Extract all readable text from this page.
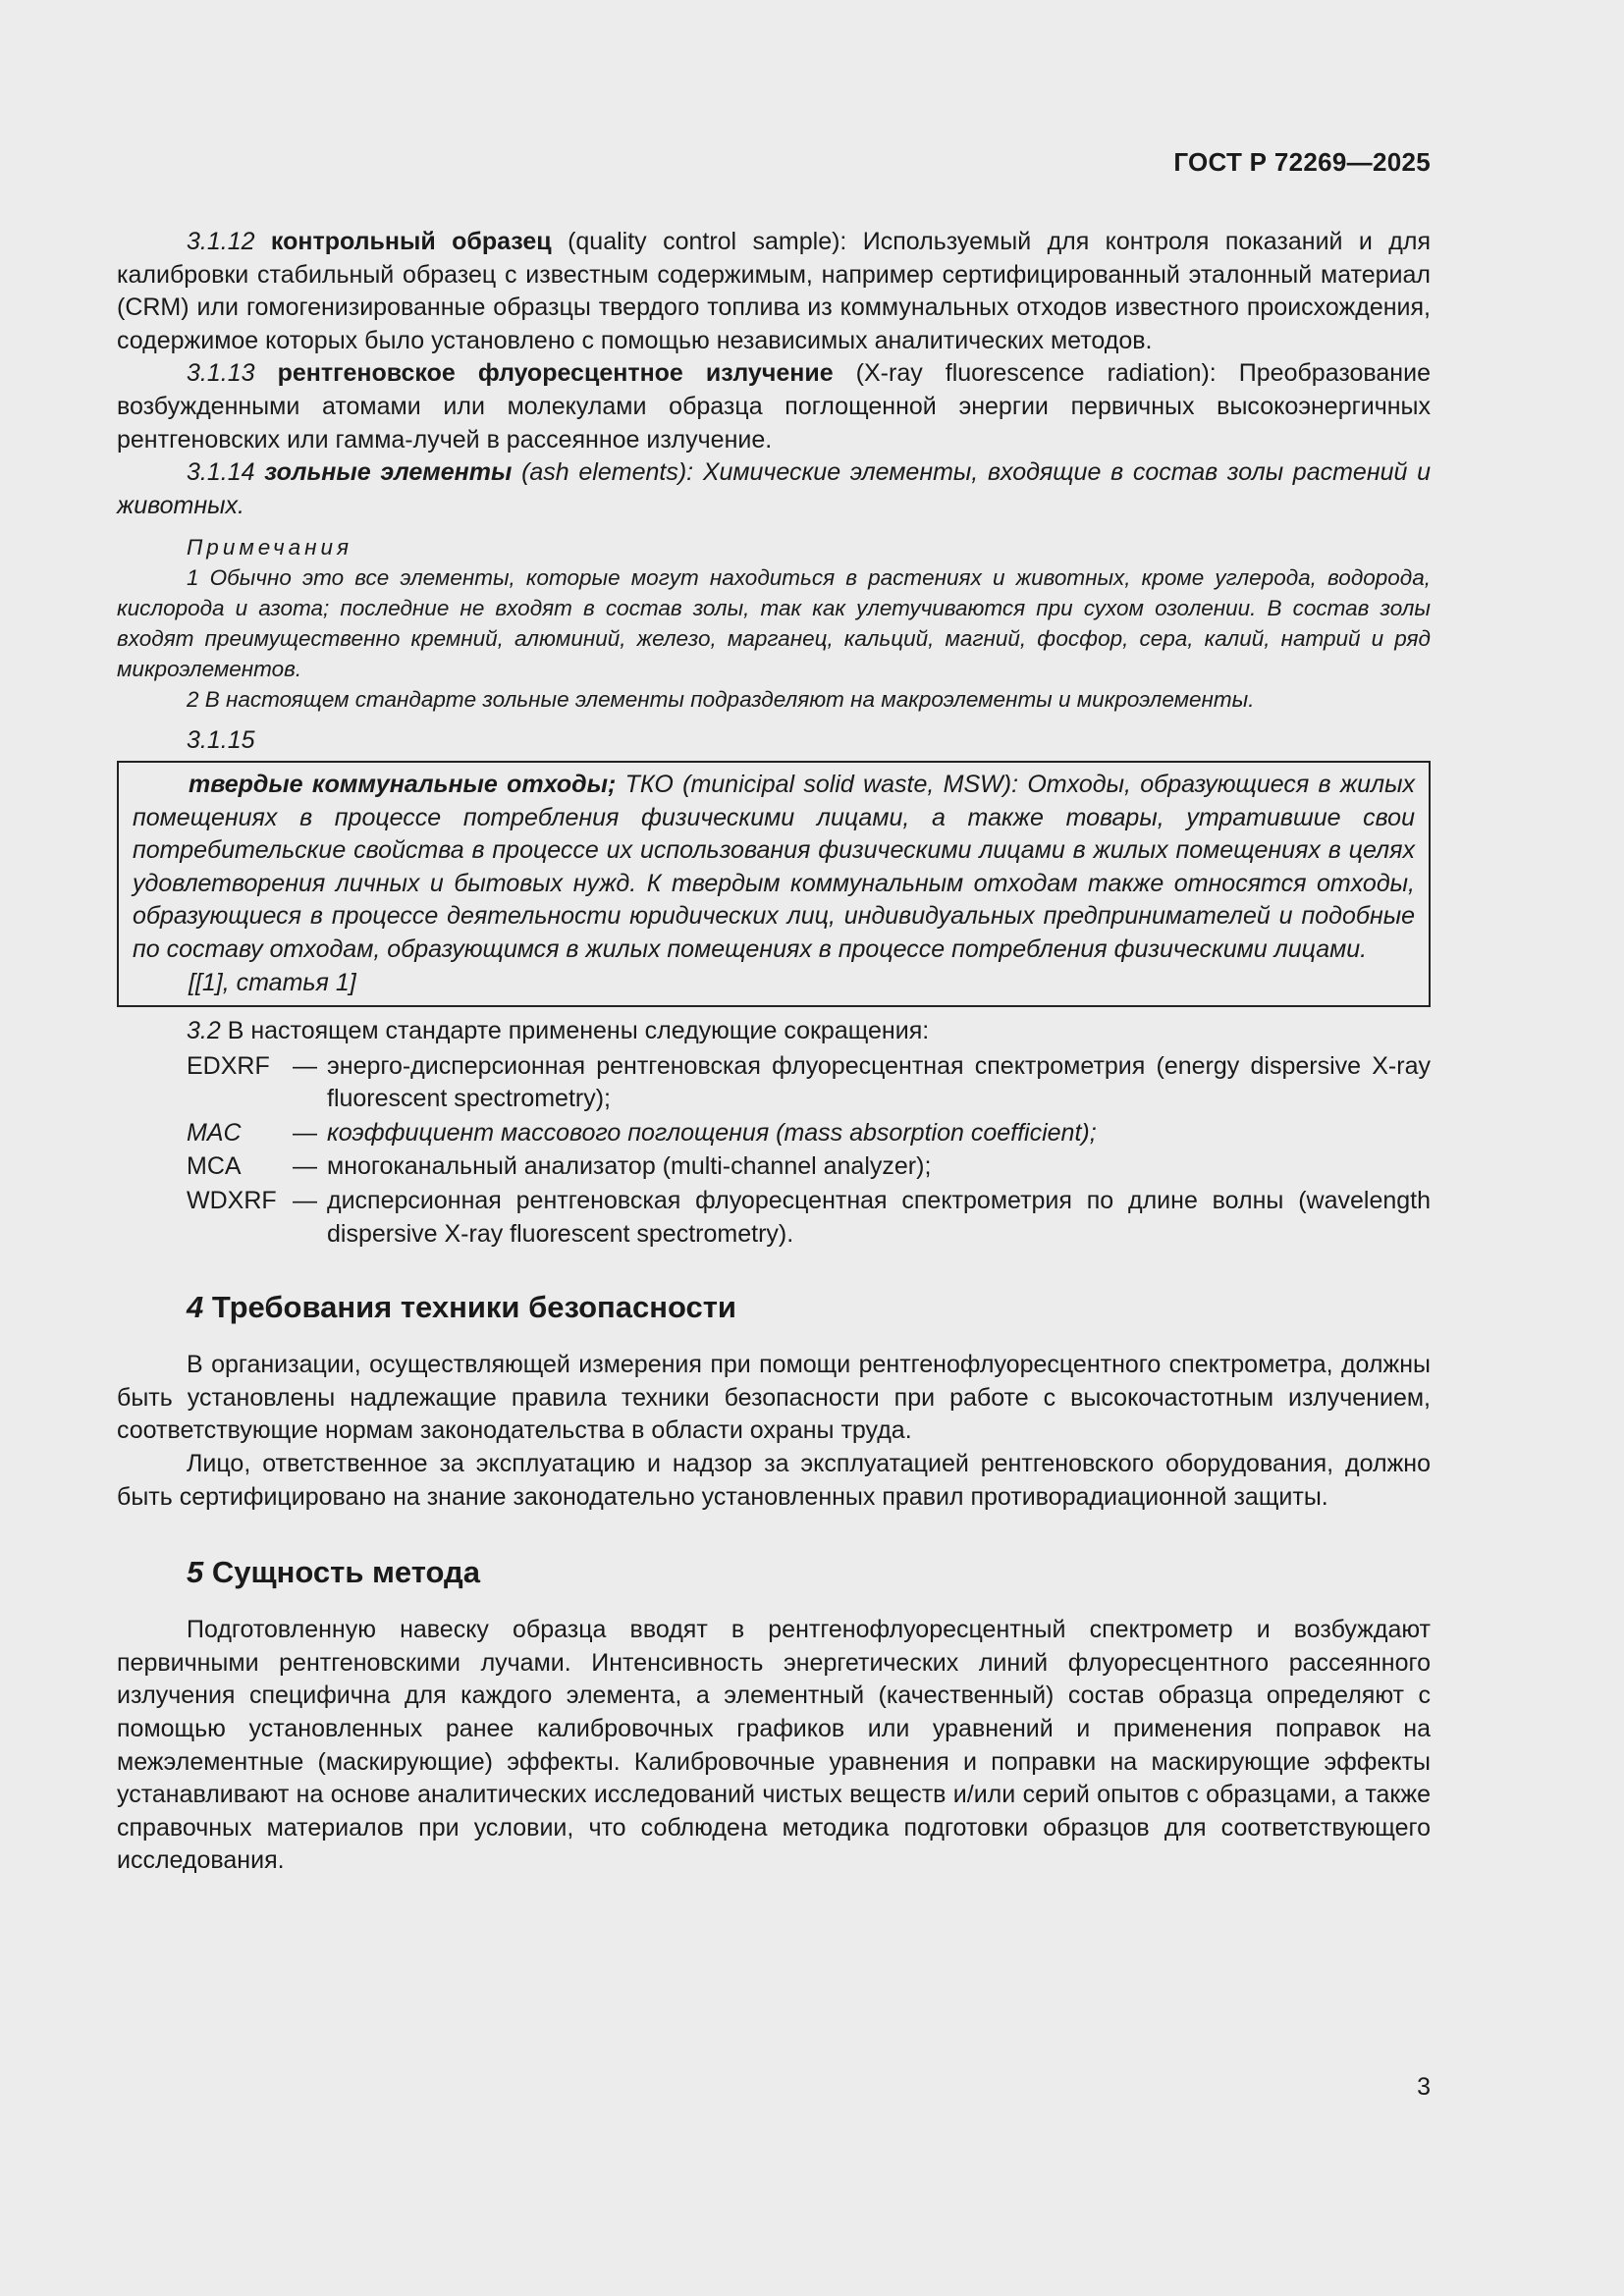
ГОСТ Р 72269—2025

3.1.12 контрольный образец (quality control sample): Используемый для контроля показаний и для калибровки стабильный образец с известным содержимым, например сертифицированный эталонный материал (CRM) или гомогенизированные образцы твердого топлива из коммунальных отходов известного происхождения, содержимое которых было установлено с помощью независимых аналитических методов.

3.1.13 рентгеновское флуоресцентное излучение (X-ray fluorescence radiation): Преобразование возбужденными атомами или молекулами образца поглощенной энергии первичных высокоэнергичных рентгеновских или гамма-лучей в рассеянное излучение.

3.1.14 зольные элементы (ash elements): Химические элементы, входящие в состав золы растений и животных.

Примечания

1 Обычно это все элементы, которые могут находиться в растениях и животных, кроме углерода, водорода, кислорода и азота; последние не входят в состав золы, так как улетучиваются при сухом озолении. В состав золы входят преимущественно кремний, алюминий, железо, марганец, кальций, магний, фосфор, сера, калий, натрий и ряд микроэлементов.

2 В настоящем стандарте зольные элементы подразделяют на макроэлементы и микроэлементы.

3.1.15

твердые коммунальные отходы; ТКО (municipal solid waste, MSW): Отходы, образующиеся в жилых помещениях в процессе потребления физическими лицами, а также товары, утратившие свои потребительские свойства в процессе их использования физическими лицами в жилых помещениях в целях удовлетворения личных и бытовых нужд. К твердым коммунальным отходам также относятся отходы, образующиеся в процессе деятельности юридических лиц, индивидуальных предпринимателей и подобные по составу отходам, образующимся в жилых помещениях в процессе потребления физическими лицами.

[[1], статья 1]

3.2 В настоящем стандарте применены следующие сокращения:

EDXRF — энерго-дисперсионная рентгеновская флуоресцентная спектрометрия (energy dispersive X-ray fluorescent spectrometry);
MAC	— коэффициент массового поглощения (mass absorption coefficient);
MCA	— многоканальный анализатор (multi-channel analyzer);
WDXRF — дисперсионная рентгеновская флуоресцентная спектрометрия по длине волны (wavelength dispersive X-ray fluorescent spectrometry).
4 Требования техники безопасности

В организации, осуществляющей измерения при помощи рентгенофлуоресцентного спектрометра, должны быть установлены надлежащие правила техники безопасности при работе с высокочастотным излучением, соответствующие нормам законодательства в области охраны труда.

Лицо, ответственное за эксплуатацию и надзор за эксплуатацией рентгеновского оборудования, должно быть сертифицировано на знание законодательно установленных правил противорадиационной защиты.

5 Сущность метода

Подготовленную навеску образца вводят в рентгенофлуоресцентный спектрометр и возбуждают первичными рентгеновскими лучами. Интенсивность энергетических линий флуоресцентного рассеянного излучения специфична для каждого элемента, а элементный (качественный) состав образца определяют с помощью установленных ранее калибровочных графиков или уравнений и применения поправок на межэлементные (маскирующие) эффекты. Калибровочные уравнения и поправки на маскирующие эффекты устанавливают на основе аналитических исследований чистых веществ и/или серий опытов с образцами, а также справочных материалов при условии, что соблюдена методика подготовки образцов для соответствующего исследования.

3
